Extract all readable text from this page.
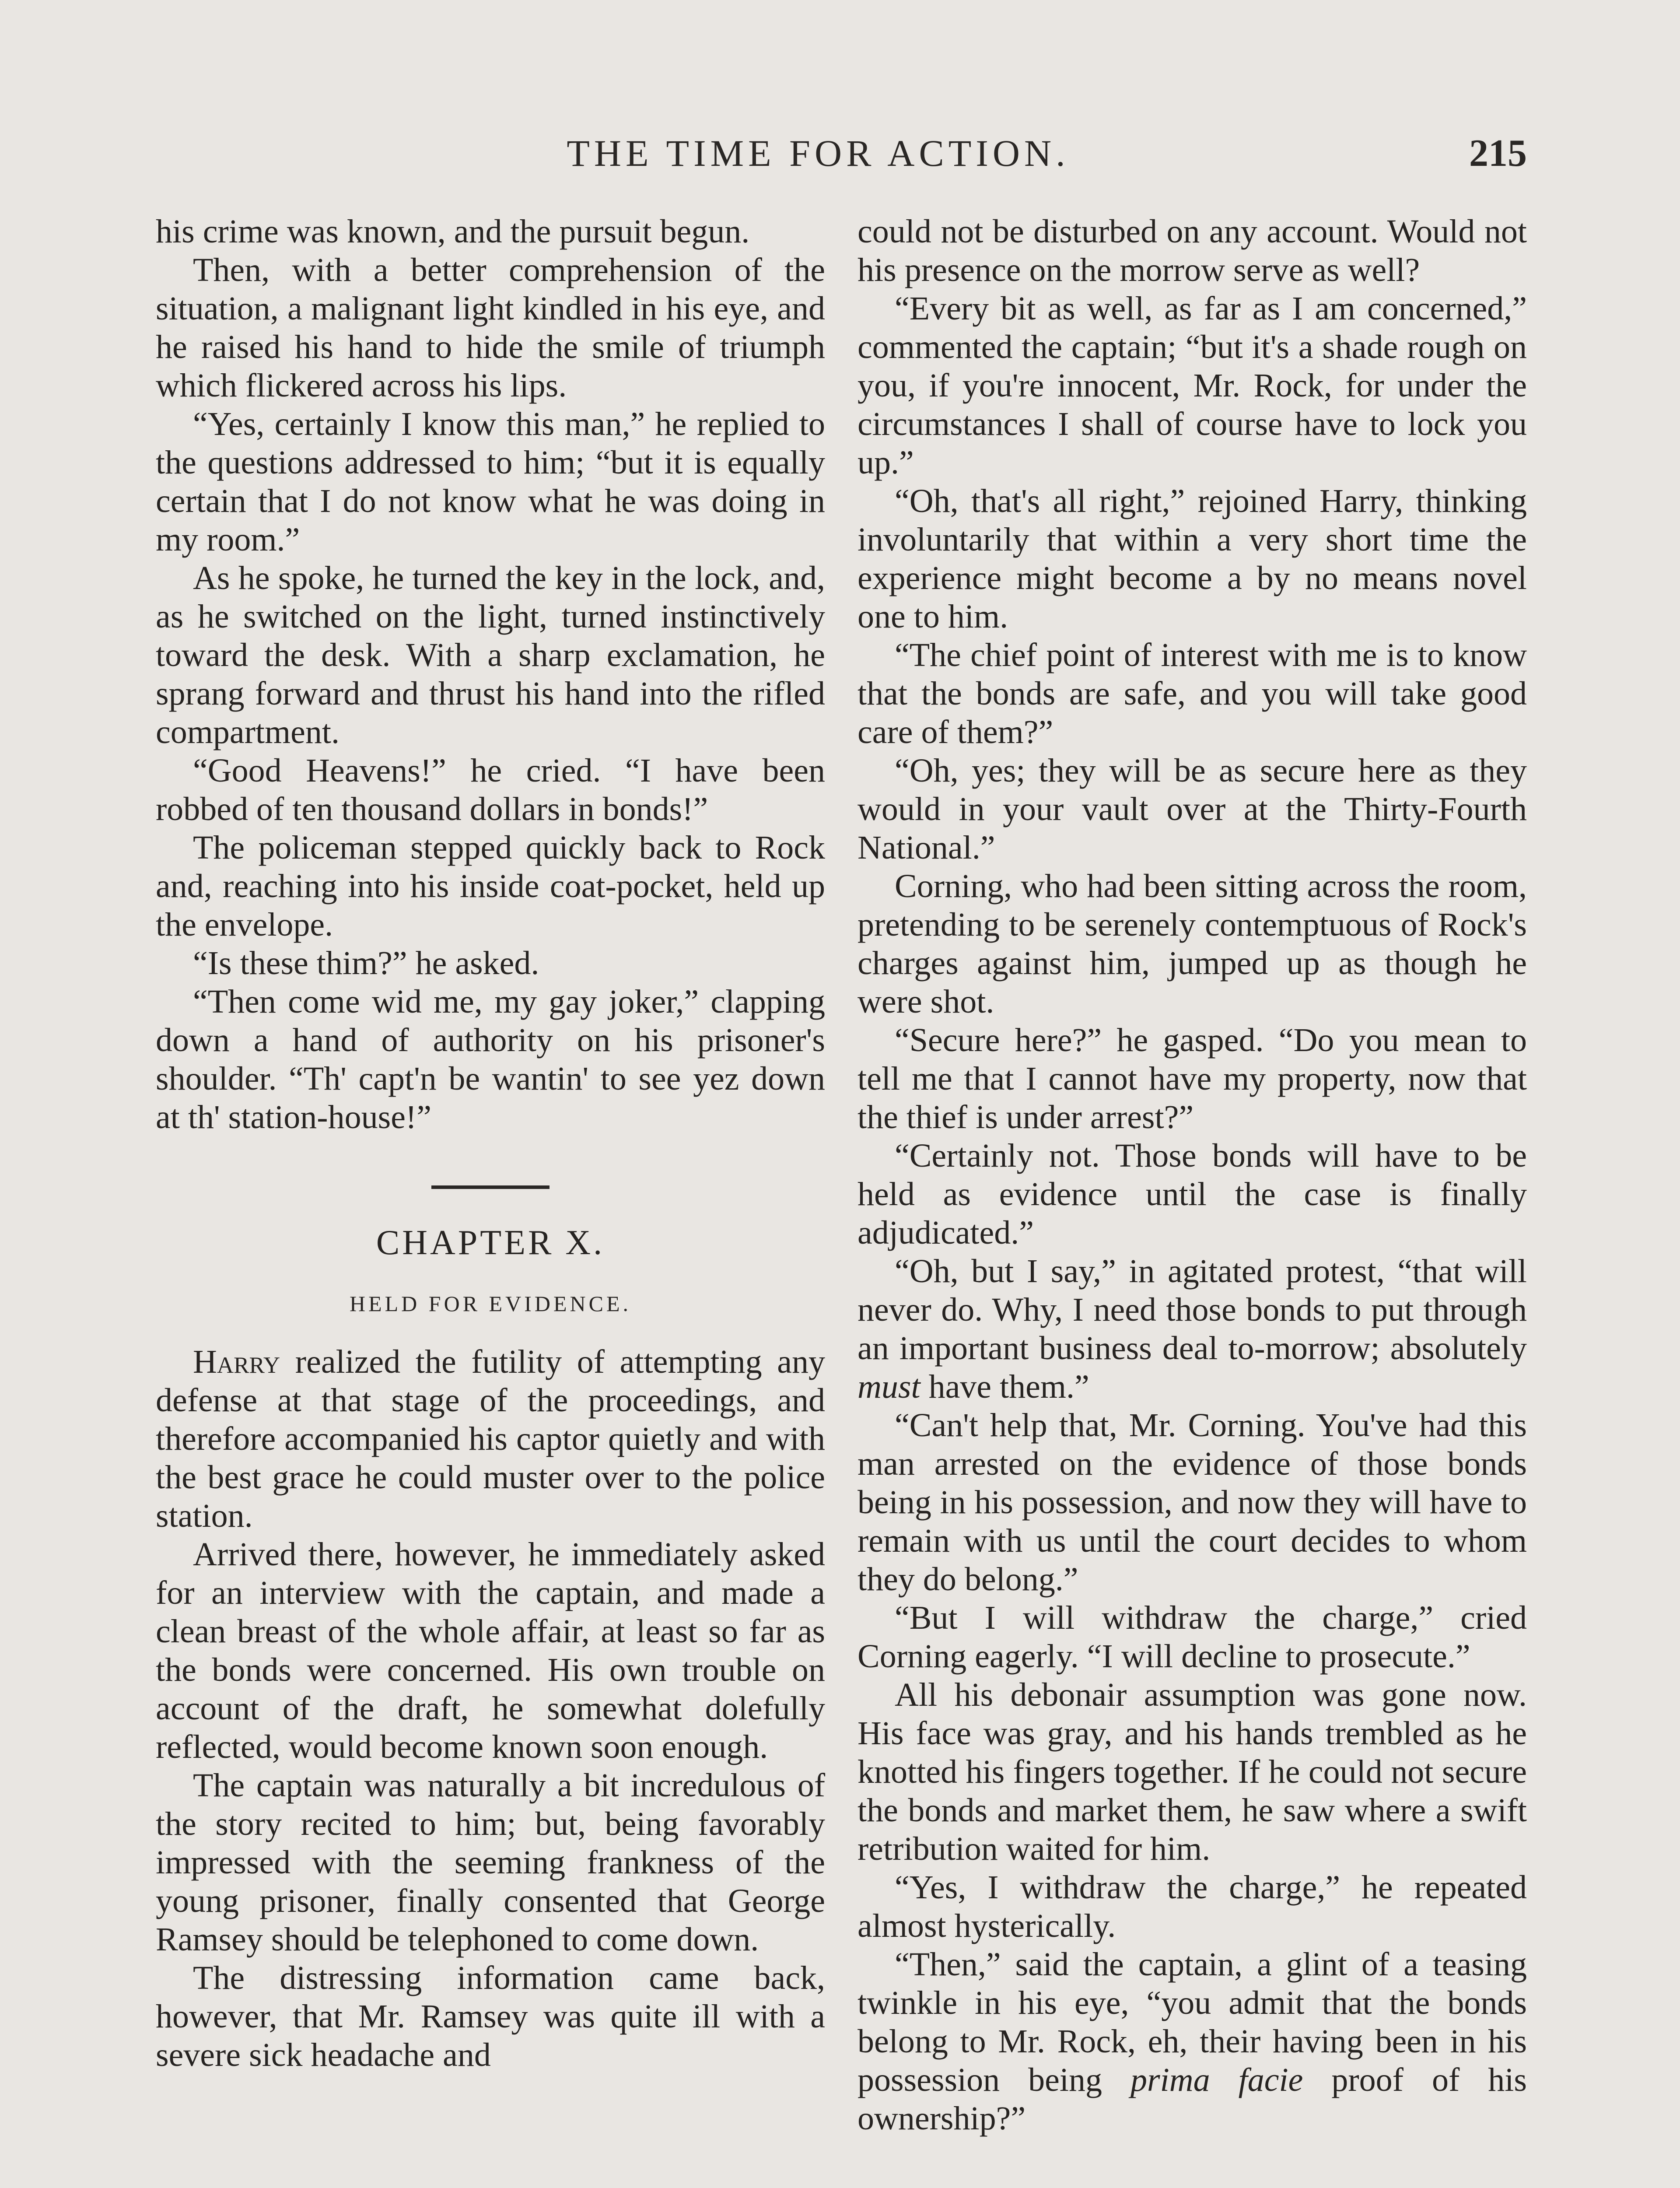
THE TIME FOR ACTION.	215

his crime was known, and the pursuit begun.

Then, with a better comprehension of the situation, a malignant light kindled in his eye, and he raised his hand to hide the smile of triumph which flickered across his lips.

“Yes, certainly I know this man,” he replied to the questions addressed to him; “but it is equally certain that I do not know what he was doing in my room.”

As he spoke, he turned the key in the lock, and, as he switched on the light, turned instinctively toward the desk. With a sharp exclamation, he sprang forward and thrust his hand into the rifled compartment.

“Good Heavens!” he cried. “I have been robbed of ten thousand dollars in bonds!”

The policeman stepped quickly back to Rock and, reaching into his inside coat-pocket, held up the envelope.

“Is these thim?” he asked.

“Then come wid me, my gay joker,” clapping down a hand of authority on his prisoner's shoulder. “Th' capt'n be wantin' to see yez down at th' station-house!”

CHAPTER X.
HELD FOR EVIDENCE.

Harry realized the futility of attempting any defense at that stage of the proceedings, and therefore accompanied his captor quietly and with the best grace he could muster over to the police station.

Arrived there, however, he immediately asked for an interview with the captain, and made a clean breast of the whole affair, at least so far as the bonds were concerned. His own trouble on account of the draft, he somewhat dolefully reflected, would become known soon enough.

The captain was naturally a bit incredulous of the story recited to him; but, being favorably impressed with the seeming frankness of the young prisoner, finally consented that George Ramsey should be telephoned to come down.

The distressing information came back, however, that Mr. Ramsey was quite ill with a severe sick headache and

could not be disturbed on any account. Would not his presence on the morrow serve as well?

“Every bit as well, as far as I am concerned,” commented the captain; “but it's a shade rough on you, if you're innocent, Mr. Rock, for under the circumstances I shall of course have to lock you up.”

“Oh, that's all right,” rejoined Harry, thinking involuntarily that within a very short time the experience might become a by no means novel one to him.

“The chief point of interest with me is to know that the bonds are safe, and you will take good care of them?”

“Oh, yes; they will be as secure here as they would in your vault over at the Thirty-Fourth National.”

Corning, who had been sitting across the room, pretending to be serenely contemptuous of Rock's charges against him, jumped up as though he were shot.

“Secure here?” he gasped. “Do you mean to tell me that I cannot have my property, now that the thief is under arrest?”

“Certainly not. Those bonds will have to be held as evidence until the case is finally adjudicated.”

“Oh, but I say,” in agitated protest, “that will never do. Why, I need those bonds to put through an important business deal to-morrow; absolutely must have them.”

“Can't help that, Mr. Corning. You've had this man arrested on the evidence of those bonds being in his possession, and now they will have to remain with us until the court decides to whom they do belong.”

“But I will withdraw the charge,” cried Corning eagerly. “I will decline to prosecute.”

All his debonair assumption was gone now. His face was gray, and his hands trembled as he knotted his fingers together. If he could not secure the bonds and market them, he saw where a swift retribution waited for him.

“Yes, I withdraw the charge,” he repeated almost hysterically.

“Then,” said the captain, a glint of a teasing twinkle in his eye, “you admit that the bonds belong to Mr. Rock, eh, their having been in his possession being prima facie proof of his ownership?”
